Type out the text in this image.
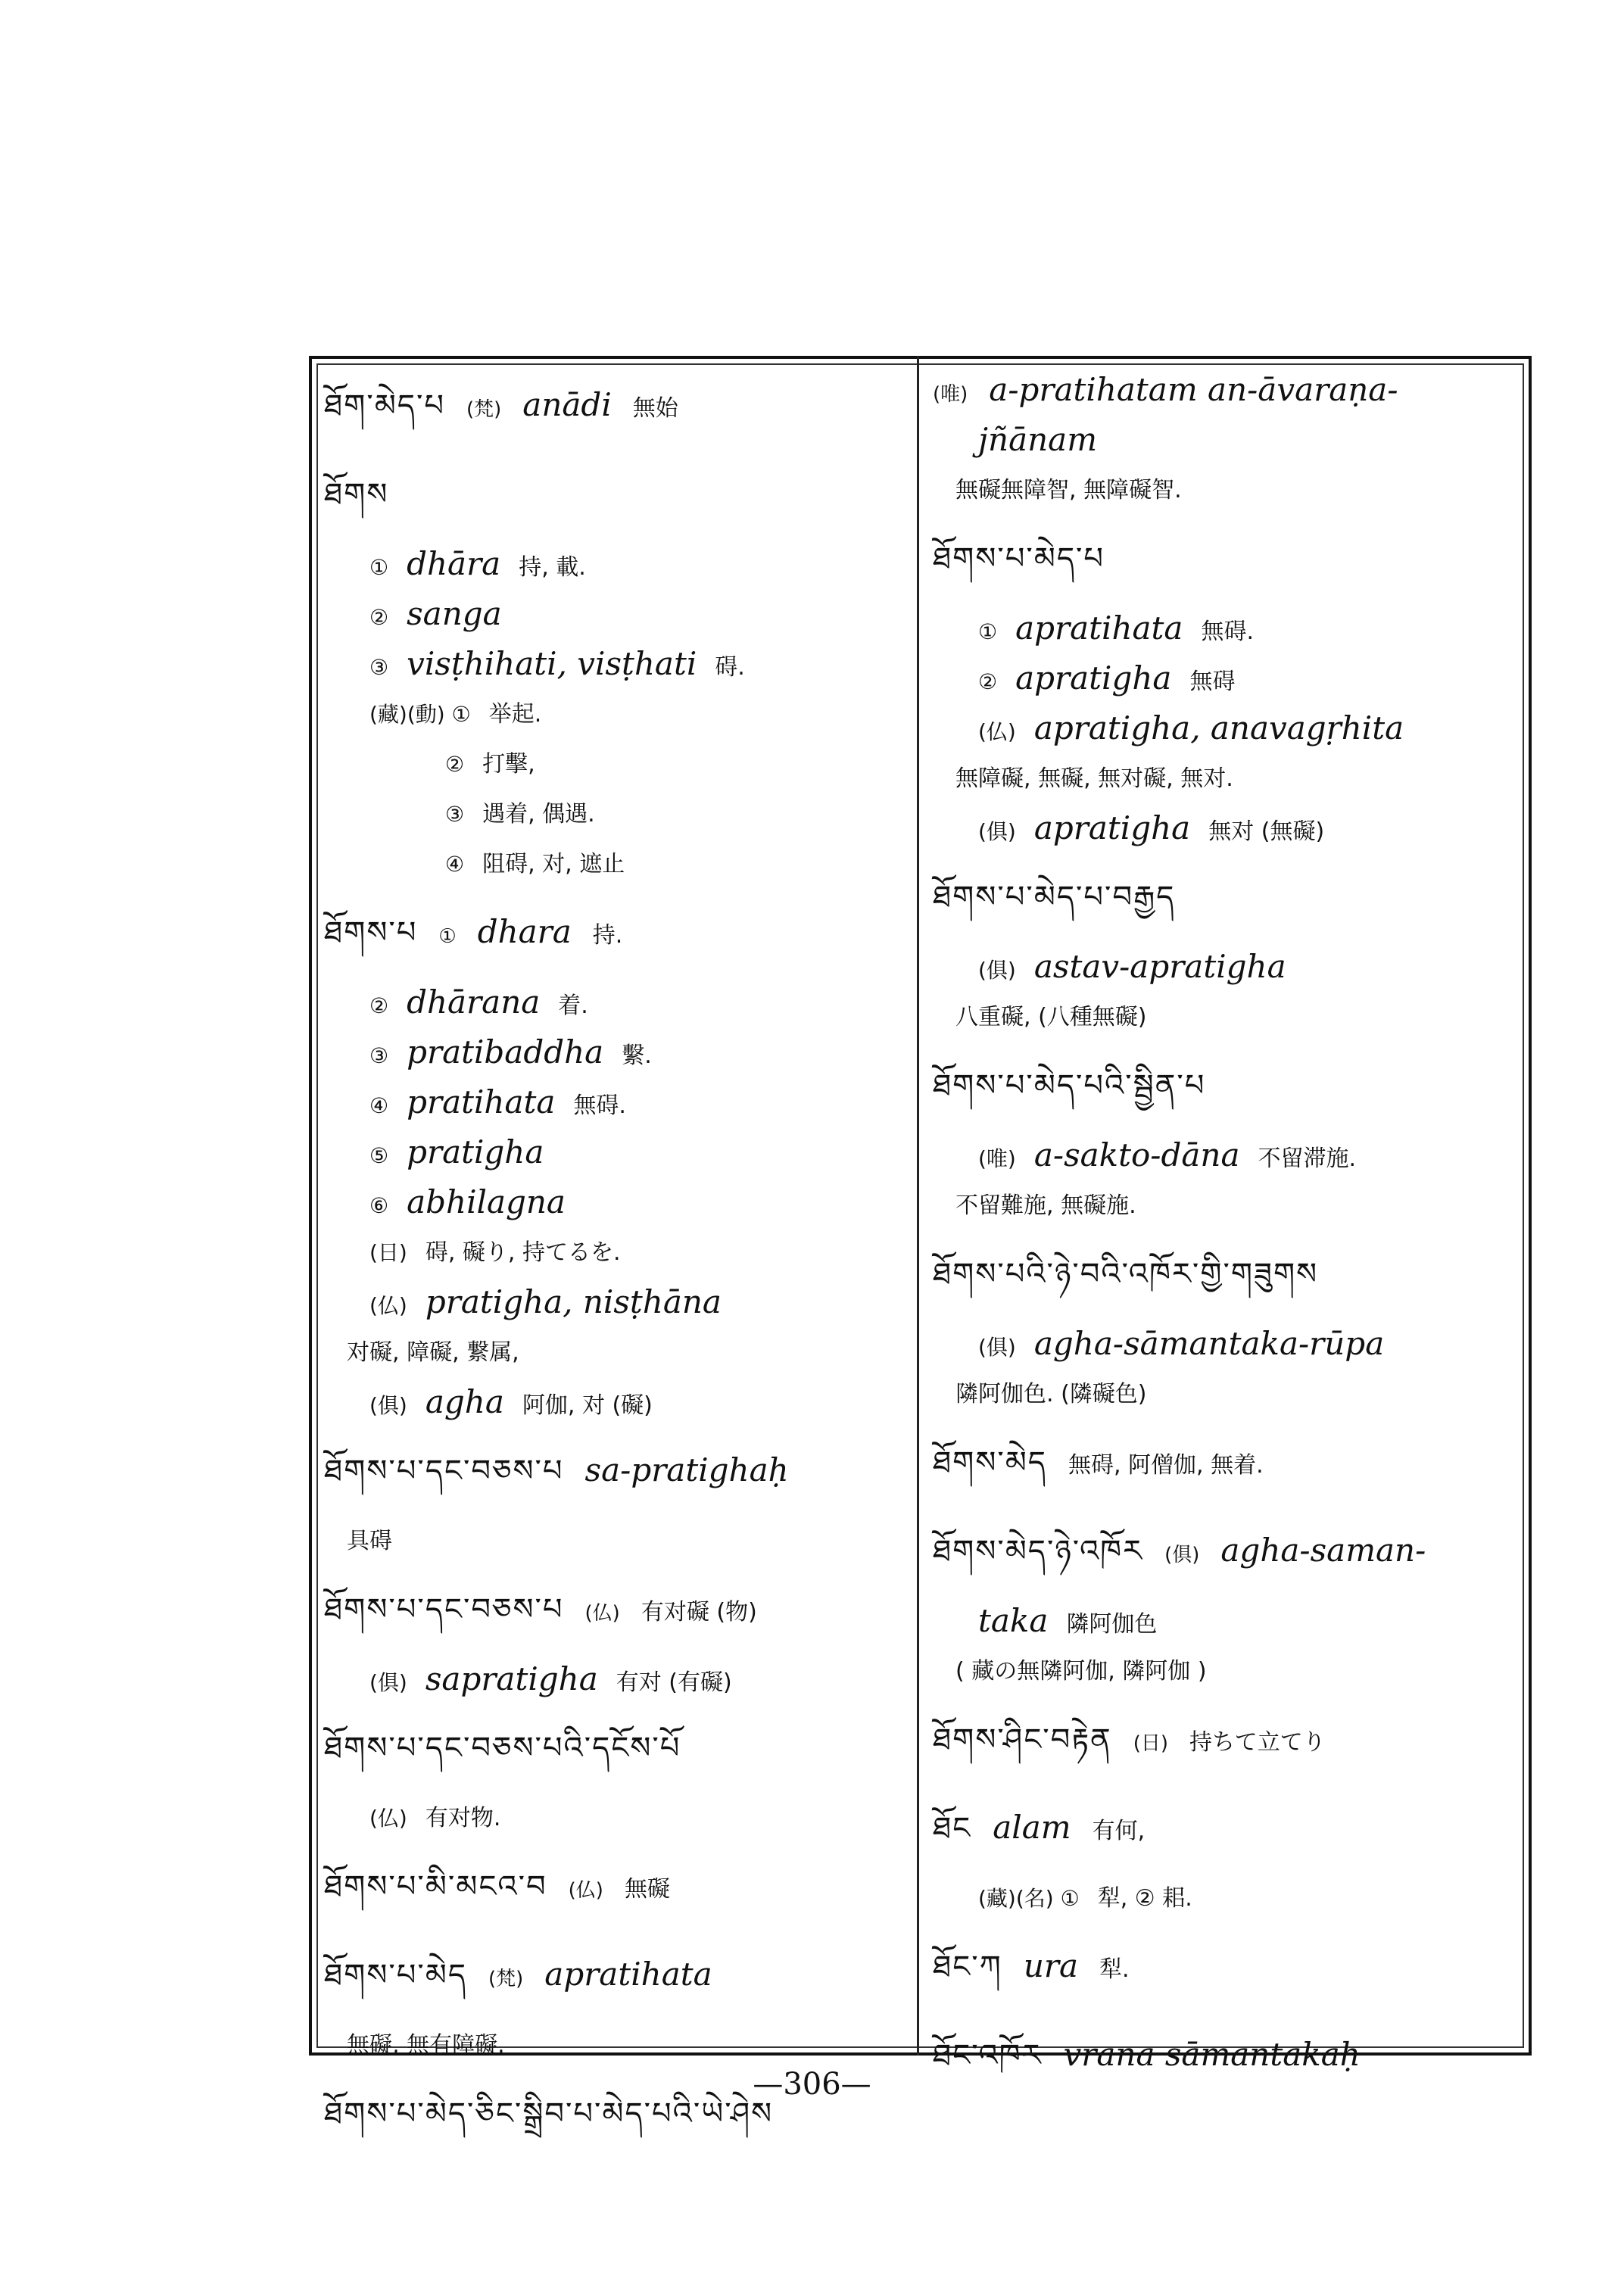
ཐོག་མེད་པ (梵) anādi 無始
ཐོགས
① dhāra 持, 載.
② sanga
③ visṭhihati, visṭhati 碍.
(藏)(動) ① 举起.
② 打擊,
③ 遇着, 偶遇.
④ 阻碍, 对, 遮止
ཐོགས་པ ① dhara 持.
② dhārana 着.
③ pratibaddha 繫.
④ pratihata 無碍.
⑤ pratigha
⑥ abhilagna
(日) 碍, 礙り, 持てるを.
(仏) pratigha, nisṭhāna
对礙, 障礙, 繋属,
(俱) agha 阿伽, 对 (礙)
ཐོགས་པ་དང་བཅས་པ sa-pratighaḥ
具碍
ཐོགས་པ་དང་བཅས་པ (仏) 有对礙 (物)
(俱) sapratigha 有对 (有礙)
ཐོགས་པ་དང་བཅས་པའི་དངོས་པོ
(仏) 有对物.
ཐོགས་པ་མི་མངའ་བ (仏) 無礙
ཐོགས་པ་མེད (梵) apratihata
無礙, 無有障礙.
ཐོགས་པ་མེད་ཅིང་སྒྲིབ་པ་མེད་པའི་ཡེ་ཤེས
(唯) a-pratihatam an-āvaraṇa-
jñānam
無礙無障智, 無障礙智.
ཐོགས་པ་མེད་པ
① apratihata 無碍.
② apratigha 無碍
(仏) apratigha, anavagṛhita
無障礙, 無礙, 無对礙, 無对.
(俱) apratigha 無对 (無礙)
ཐོགས་པ་མེད་པ་བརྒྱད
(俱) astav-apratigha
八重礙, (八種無礙)
ཐོགས་པ་མེད་པའི་སྦྱིན་པ
(唯) a-sakto-dāna 不留滞施.
不留難施, 無礙施.
ཐོགས་པའི་ཉེ་བའི་འཁོར་གྱི་གཟུགས
(俱) agha-sāmantaka-rūpa
隣阿伽色. (隣礙色)
ཐོགས་མེད 無碍, 阿僧伽, 無着.
ཐོགས་མེད་ཉེ་འཁོར (俱) agha-saman-
taka 隣阿伽色
( 藏の無隣阿伽, 隣阿伽 )
ཐོགས་ཤིང་བརྟེན (日) 持ちて立てり
ཐོང alam 有何,
(藏)(名) ① 犁, ② 耜.
ཐོང་ཀ ura 犁.
ཐོང་འཁོར vrana sāmantakaḥ
—306—
